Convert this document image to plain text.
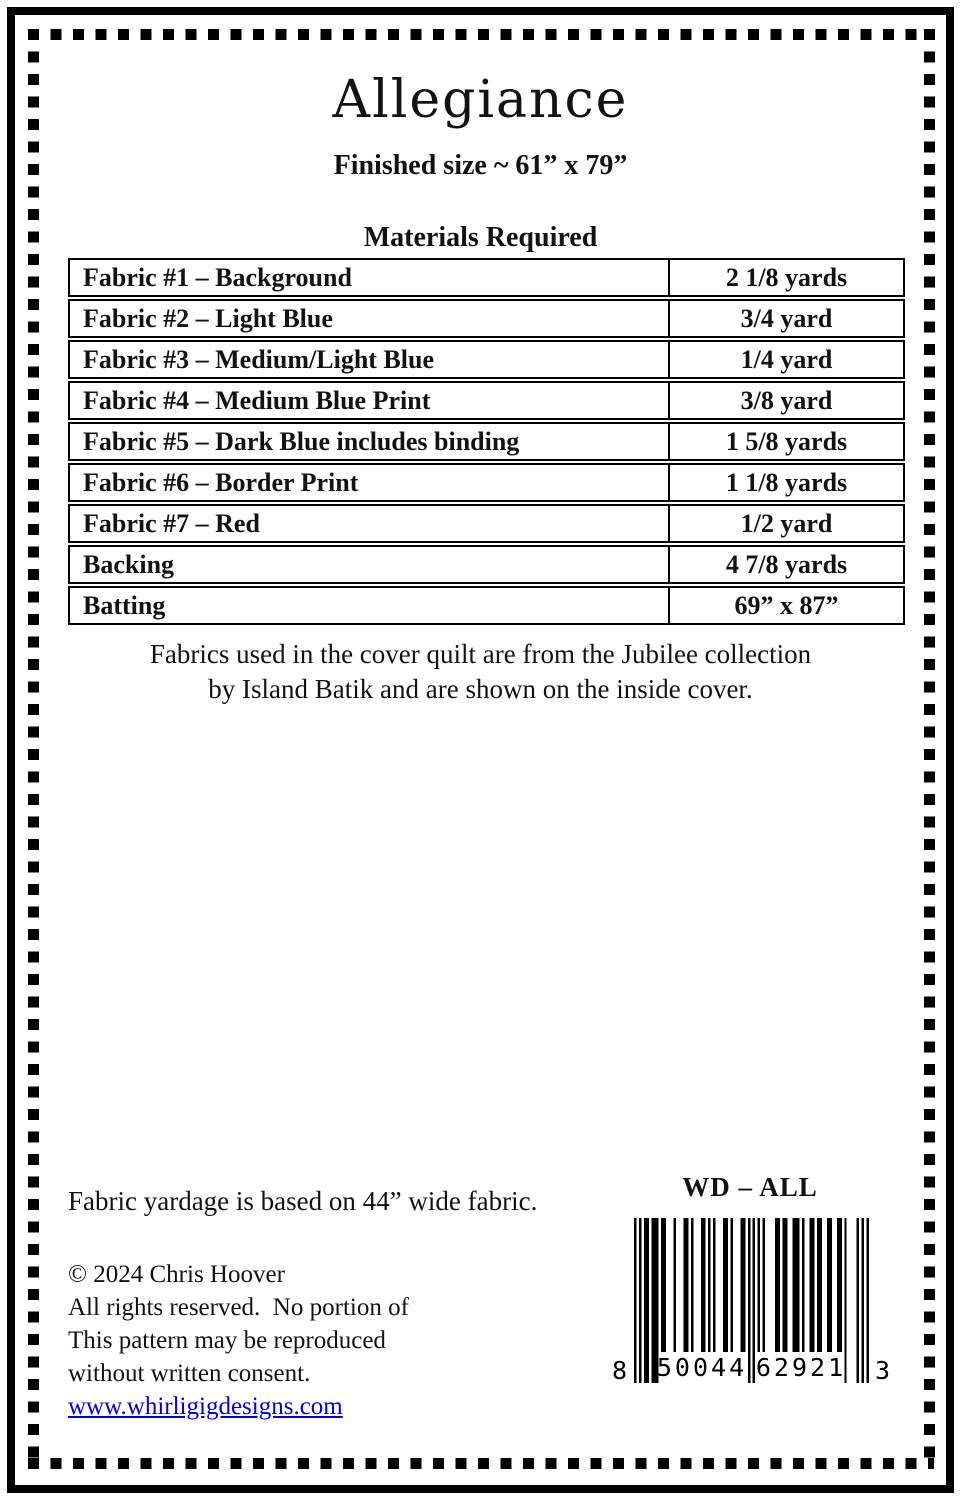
Allegiance
Finished size ~ 61” x 79”
Materials Required
Fabric #1 – Background	2 1/8 yards
Fabric #2 – Light Blue	3/4 yard
Fabric #3 – Medium/Light Blue	1/4 yard
Fabric #4 – Medium Blue Print	3/8 yard
Fabric #5 – Dark Blue includes binding	1 5/8 yards
Fabric #6 – Border Print	1 1/8 yards
Fabric #7 – Red	1/2 yard
Backing	4 7/8 yards
Batting	69” x 87”
Fabrics used in the cover quilt are from the Jubilee collection
by Island Batik and are shown on the inside cover.
Fabric yardage is based on 44” wide fabric.	WD – ALL
8 50044 62921 3
© 2024 Chris Hoover
All rights reserved.  No portion of
This pattern may be reproduced
without written consent.
www.whirligigdesigns.com
